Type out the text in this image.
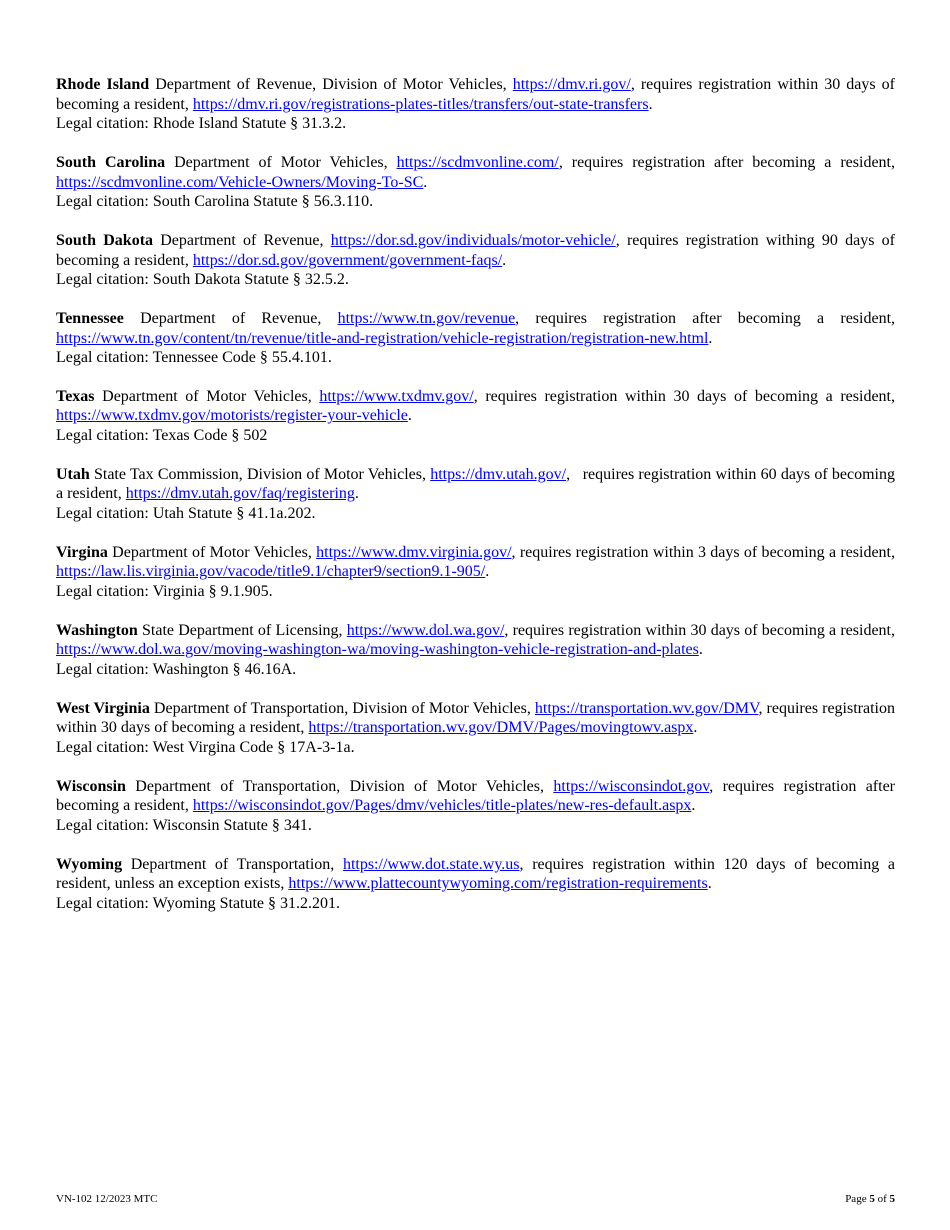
Rhode Island Department of Revenue, Division of Motor Vehicles, https://dmv.ri.gov/, requires registration within 30 days of becoming a resident, https://dmv.ri.gov/registrations-plates-titles/transfers/out-state-transfers.
Legal citation: Rhode Island Statute § 31.3.2.
South Carolina Department of Motor Vehicles, https://scdmvonline.com/, requires registration after becoming a resident, https://scdmvonline.com/Vehicle-Owners/Moving-To-SC.
Legal citation: South Carolina Statute § 56.3.110.
South Dakota Department of Revenue, https://dor.sd.gov/individuals/motor-vehicle/, requires registration withing 90 days of becoming a resident, https://dor.sd.gov/government/government-faqs/.
Legal citation: South Dakota Statute § 32.5.2.
Tennessee Department of Revenue, https://www.tn.gov/revenue, requires registration after becoming a resident, https://www.tn.gov/content/tn/revenue/title-and-registration/vehicle-registration/registration-new.html.
Legal citation: Tennessee Code § 55.4.101.
Texas Department of Motor Vehicles, https://www.txdmv.gov/, requires registration within 30 days of becoming a resident, https://www.txdmv.gov/motorists/register-your-vehicle.
Legal citation: Texas Code § 502
Utah State Tax Commission, Division of Motor Vehicles, https://dmv.utah.gov/,   requires registration within 60 days of becoming a resident, https://dmv.utah.gov/faq/registering.
Legal citation: Utah Statute § 41.1a.202.
Virgina Department of Motor Vehicles, https://www.dmv.virginia.gov/, requires registration within 3 days of becoming a resident, https://law.lis.virginia.gov/vacode/title9.1/chapter9/section9.1-905/.
Legal citation: Virginia § 9.1.905.
Washington State Department of Licensing, https://www.dol.wa.gov/, requires registration within 30 days of becoming a resident, https://www.dol.wa.gov/moving-washington-wa/moving-washington-vehicle-registration-and-plates.
Legal citation: Washington § 46.16A.
West Virginia Department of Transportation, Division of Motor Vehicles, https://transportation.wv.gov/DMV, requires registration within 30 days of becoming a resident, https://transportation.wv.gov/DMV/Pages/movingtowv.aspx.
Legal citation: West Virgina Code § 17A-3-1a.
Wisconsin Department of Transportation, Division of Motor Vehicles, https://wisconsindot.gov, requires registration after becoming a resident, https://wisconsindot.gov/Pages/dmv/vehicles/title-plates/new-res-default.aspx.
Legal citation: Wisconsin Statute § 341.
Wyoming Department of Transportation, https://www.dot.state.wy.us, requires registration within 120 days of becoming a resident, unless an exception exists, https://www.plattecountywyoming.com/registration-requirements.
Legal citation: Wyoming Statute § 31.2.201.
VN-102 12/2023 MTC	Page 5 of 5
